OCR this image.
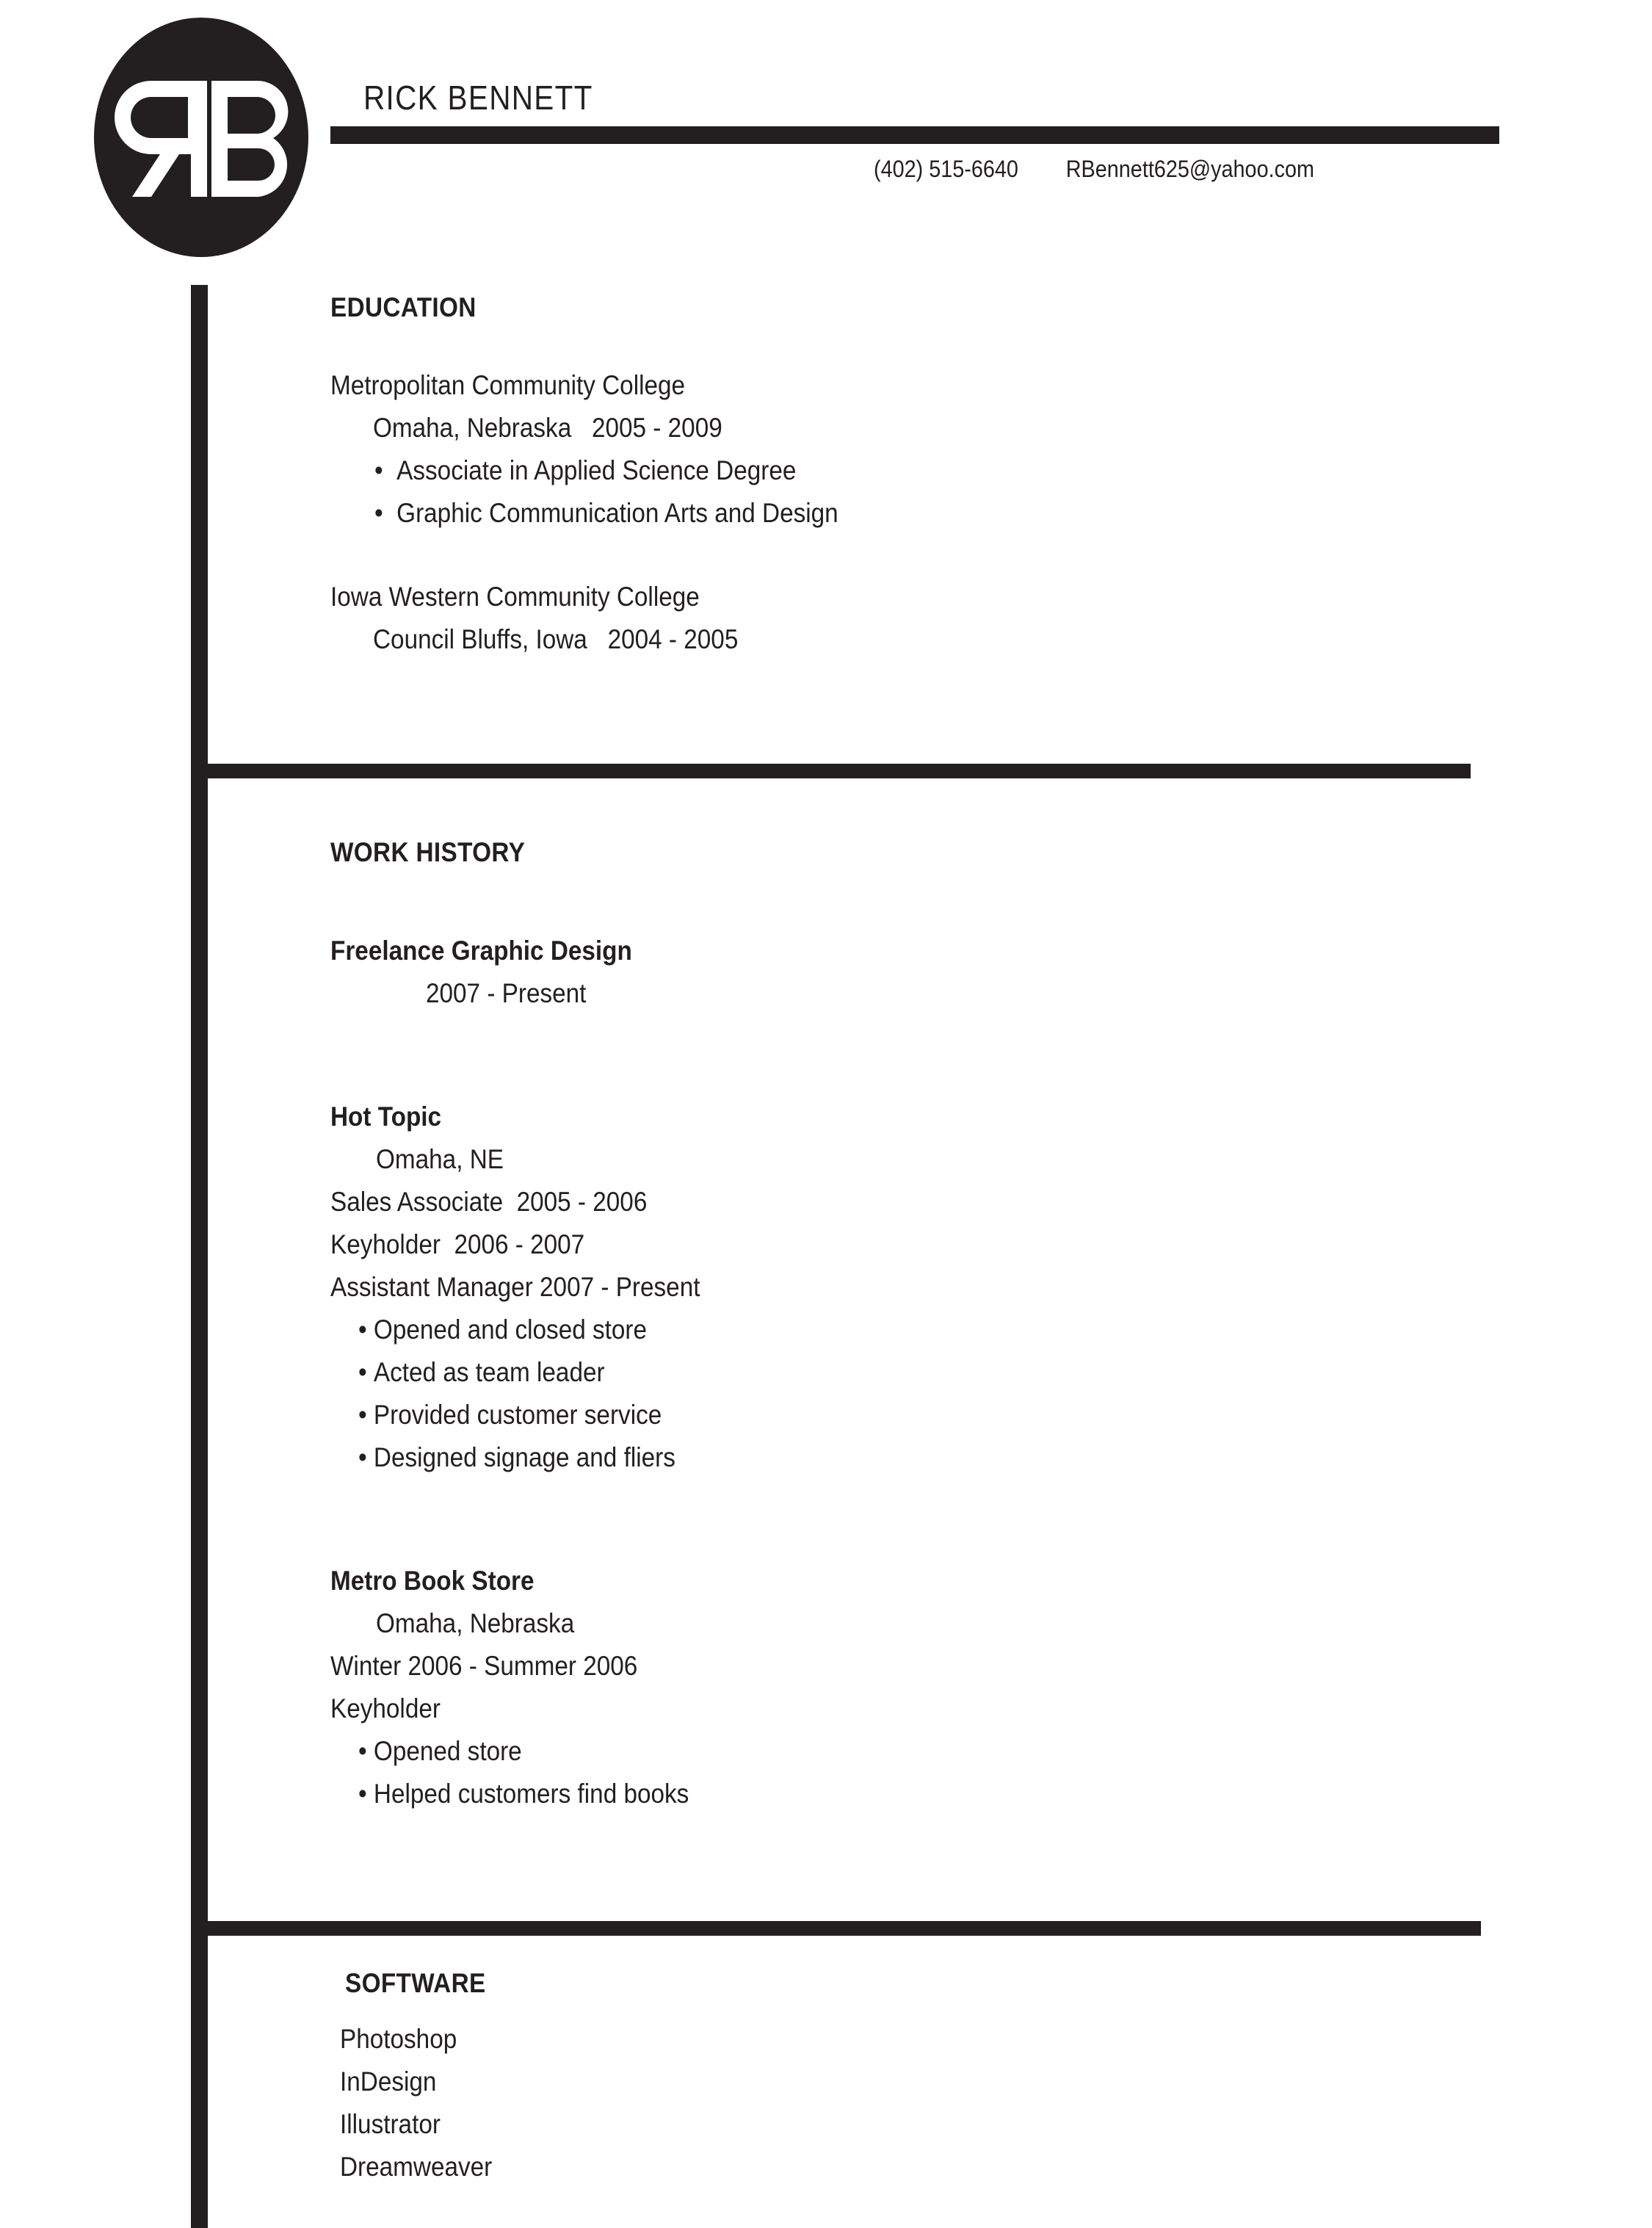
RICK BENNETT
(402) 515-6640 RBennett625@yahoo.com
EDUCATION
Metropolitan Community College
Omaha, Nebraska   2005 - 2009
•  Associate in Applied Science Degree
•  Graphic Communication Arts and Design
Iowa Western Community College
Council Bluffs, Iowa   2004 - 2005
WORK HISTORY
Freelance Graphic Design
2007 - Present
Hot Topic
Omaha, NE
Sales Associate  2005 - 2006
Keyholder  2006 - 2007
Assistant Manager 2007 - Present
• Opened and closed store
• Acted as team leader
• Provided customer service
• Designed signage and fliers
Metro Book Store
Omaha, Nebraska
Winter 2006 - Summer 2006
Keyholder
• Opened store
• Helped customers find books
SOFTWARE
Photoshop
InDesign
Illustrator
Dreamweaver
